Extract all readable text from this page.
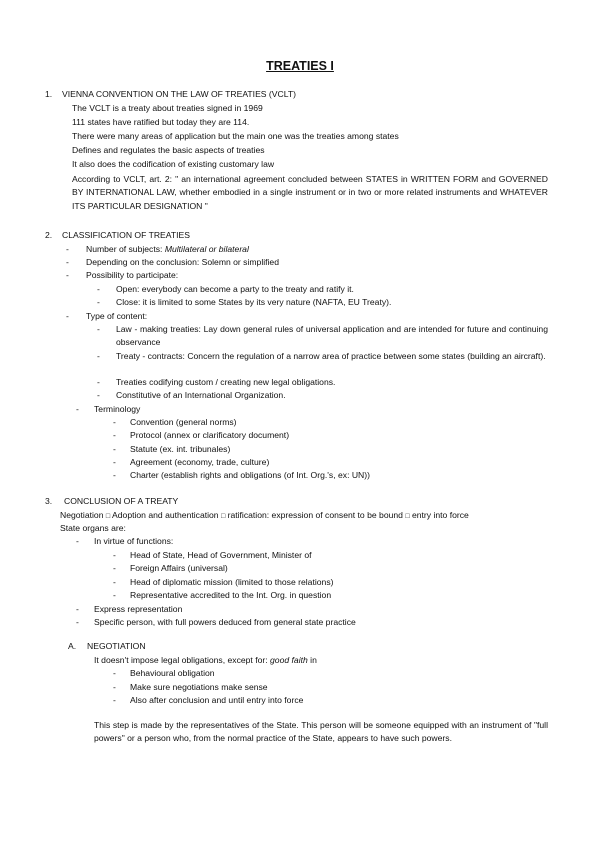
TREATIES I
1. VIENNA CONVENTION ON THE LAW OF TREATIES (VCLT)
The VCLT is a treaty about treaties signed in 1969
111 states have ratified but today they are 114.
There were many areas of application but the main one was the treaties among states
Defines and regulates the basic aspects of treaties
It also does the codification of existing customary law
According to VCLT, art. 2: " an international agreement concluded between STATES in WRITTEN FORM and GOVERNED BY INTERNATIONAL LAW, whether embodied in a single instrument or in two or more related instruments and WHATEVER ITS PARTICULAR DESIGNATION "
2. CLASSIFICATION OF TREATIES
- Number of subjects: Multilateral or bilateral
- Depending on the conclusion: Solemn or simplified
- Possibility to participate:
- Open: everybody can become a party to the treaty and ratify it.
- Close: it is limited to some States by its very nature (NAFTA, EU Treaty).
- Type of content:
- Law - making treaties: Lay down general rules of universal application and are intended for future and continuing observance
- Treaty - contracts: Concern the regulation of a narrow area of practice between some states (building an aircraft).
- Treaties codifying custom / creating new legal obligations.
- Constitutive of an International Organization.
- Terminology
- Convention (general norms)
- Protocol (annex or clarificatory document)
- Statute (ex. int. tribunales)
- Agreement (economy, trade, culture)
- Charter (establish rights and obligations (of Int. Org.'s, ex: UN))
3. CONCLUSION OF A TREATY
Negotiation □ Adoption and authentication □ ratification: expression of consent to be bound □ entry into force
State organs are:
- In virtue of functions:
- Head of State, Head of Government, Minister of
- Foreign Affairs (universal)
- Head of diplomatic mission (limited to those relations)
- Representative accredited to the Int. Org. in question
- Express representation
- Specific person, with full powers deduced from general state practice
A. NEGOTIATION
It doesn't impose legal obligations, except for: good faith in
- Behavioural obligation
- Make sure negotiations make sense
- Also after conclusion and until entry into force
This step is made by the representatives of the State. This person will be someone equipped with an instrument of "full powers" or a person who, from the normal practice of the State, appears to have such powers.
